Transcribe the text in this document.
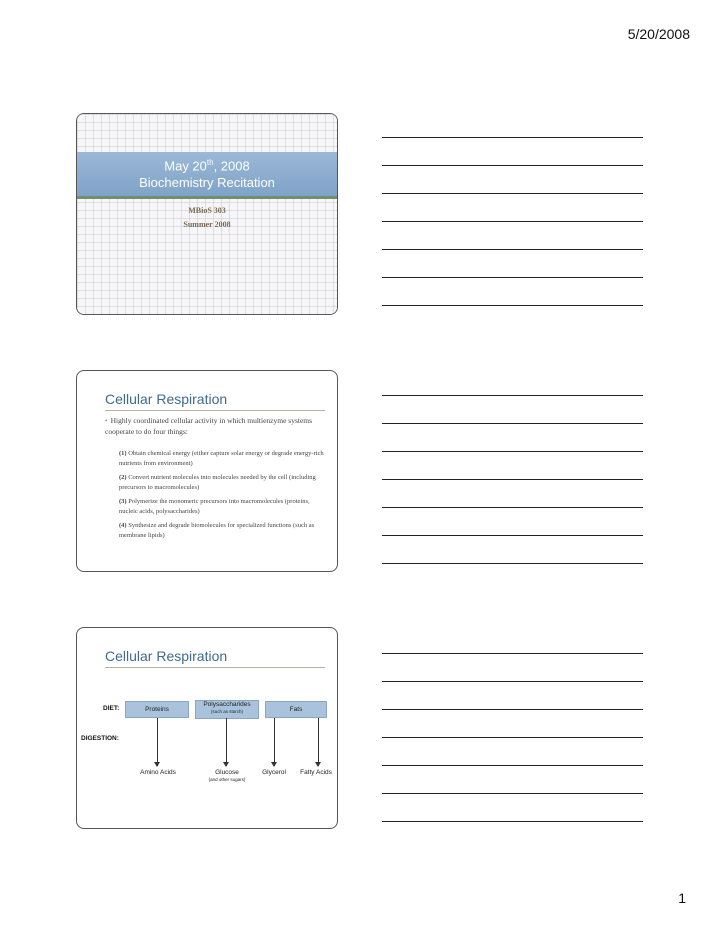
5/20/2008
May 20th, 2008
Biochemistry Recitation
MBioS 303
Summer 2008
Cellular Respiration
• Highly coordinated cellular activity in which multienzyme systems cooperate to do four things:
(1) Obtain chemical energy (either capture solar energy or degrade energy-rich nutrients from environment)
(2) Convert nutrient molecules into molecules needed by the cell (including precursors to macromolecules)
(3) Polymerize the monomeric precursors into macromolecules (proteins, nucleic acids, polysaccharides)
(4) Synthesize and degrade biomolecules for specialized functions (such as membrane lipids)
Cellular Respiration
DIET:
DIGESTION:
Proteins
Polysaccharides
(such as starch)	Fats
Amino Acids	Glucose
(and other sugars)
Glycerol	Fatty Acids
1
